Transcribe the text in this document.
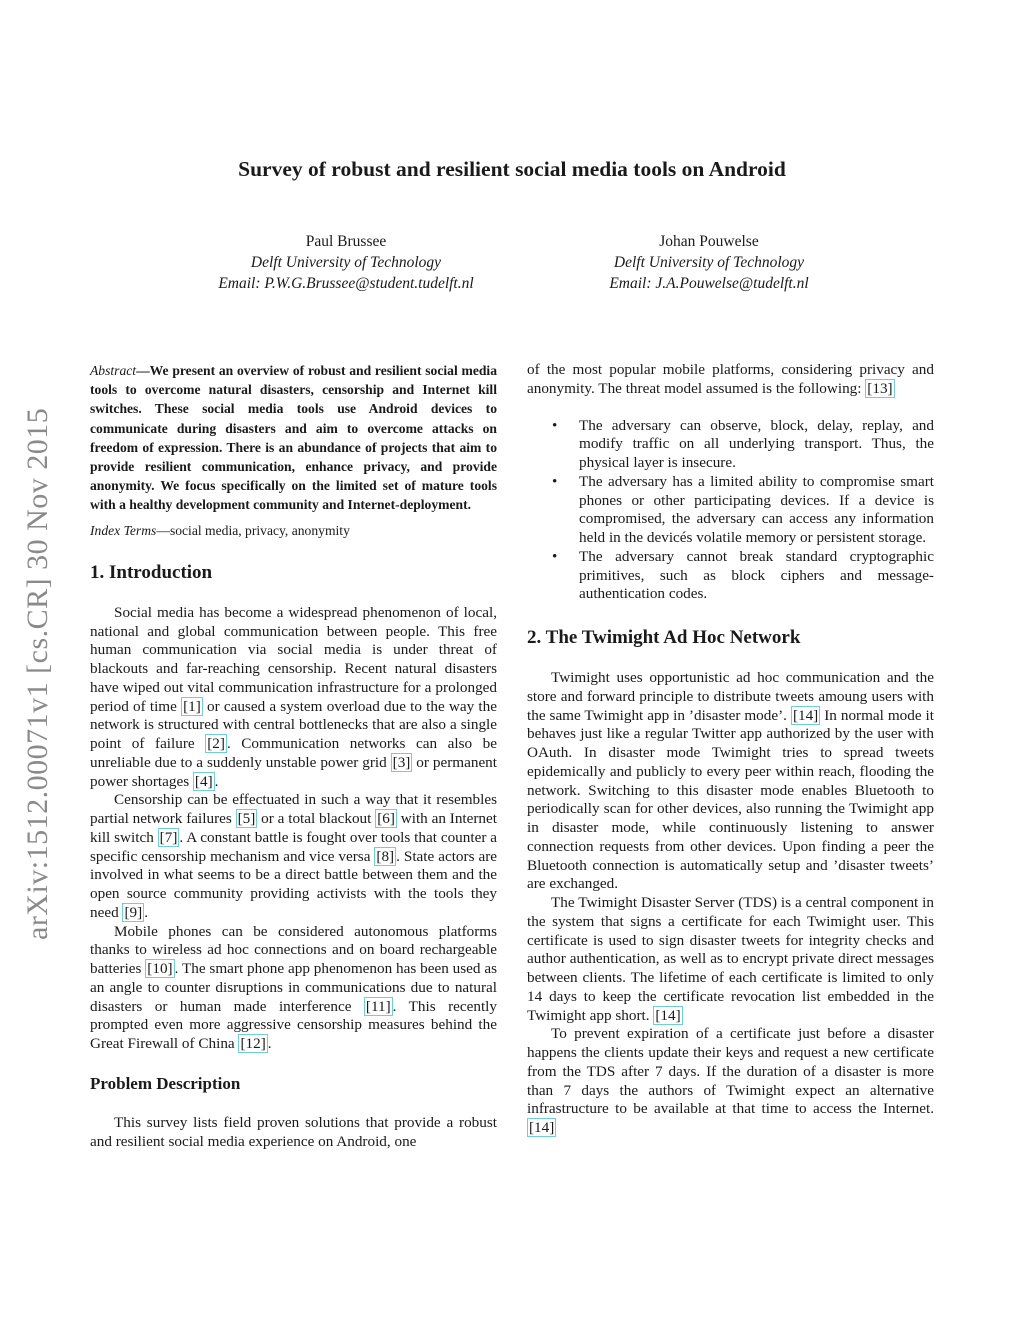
arXiv:1512.00071v1 [cs.CR] 30 Nov 2015
Survey of robust and resilient social media tools on Android
Paul Brussee
Delft University of Technology
Email: P.W.G.Brussee@student.tudelft.nl
Johan Pouwelse
Delft University of Technology
Email: J.A.Pouwelse@tudelft.nl

Abstract—We present an overview of robust and resilient social media tools to overcome natural disasters, censorship and Internet kill switches. These social media tools use Android devices to communicate during disasters and aim to overcome attacks on freedom of expression. There is an abundance of projects that aim to provide resilient communication, enhance privacy, and provide anonymity. We focus specifically on the limited set of mature tools with a healthy development community and Internet-deployment.

Index Terms—social media, privacy, anonymity

1. Introduction

Social media has become a widespread phenomenon of local, national and global communication between people. This free human communication via social media is under threat of blackouts and far-reaching censorship. Recent natural disasters have wiped out vital communication infrastructure for a prolonged period of time [1] or caused a system overload due to the way the network is structured with central bottlenecks that are also a single point of failure [2] . Communication networks can also be unreliable due to a suddenly unstable power grid [3] or permanent power shortages [4] .

Censorship can be effectuated in such a way that it resembles partial network failures [5] or a total blackout [6] with an Internet kill switch [7] . A constant battle is fought over tools that counter a specific censorship mechanism and vice versa [8] . State actors are involved in what seems to be a direct battle between them and the open source community providing activists with the tools they need [9] .

Mobile phones can be considered autonomous platforms thanks to wireless ad hoc connections and on board rechargeable batteries [10] . The smart phone app phenomenon has been used as an angle to counter disruptions in communications due to natural disasters or human made interference [11] . This recently prompted even more aggressive censorship measures behind the Great Firewall of China [12] .

Problem Description

This survey lists field proven solutions that provide a robust and resilient social media experience on Android, one

of the most popular mobile platforms, considering privacy and anonymity. The threat model assumed is the following: [13]

• The adversary can observe, block, delay, replay, and modify traffic on all underlying transport. Thus, the physical layer is insecure.
• The adversary has a limited ability to compromise smart phones or other participating devices. If a device is compromised, the adversary can access any information held in the devicés volatile memory or persistent storage.
• The adversary cannot break standard cryptographic primitives, such as block ciphers and message-authentication codes.
2. The Twimight Ad Hoc Network

Twimight uses opportunistic ad hoc communication and the store and forward principle to distribute tweets amoung users with the same Twimight app in ’disaster mode’. [14] In normal mode it behaves just like a regular Twitter app authorized by the user with OAuth. In disaster mode Twimight tries to spread tweets epidemically and publicly to every peer within reach, flooding the network. Switching to this disaster mode enables Bluetooth to periodically scan for other devices, also running the Twimight app in disaster mode, while continuously listening to answer connection requests from other devices. Upon finding a peer the Bluetooth connection is automatically setup and ’disaster tweets’ are exchanged.

The Twimight Disaster Server (TDS) is a central component in the system that signs a certificate for each Twimight user. This certificate is used to sign disaster tweets for integrity checks and author authentication, as well as to encrypt private direct messages between clients. The lifetime of each certificate is limited to only 14 days to keep the certificate revocation list embedded in the Twimight app short. [14]

To prevent expiration of a certificate just before a disaster happens the clients update their keys and request a new certificate from the TDS after 7 days. If the duration of a disaster is more than 7 days the authors of Twimight expect an alternative infrastructure to be available at that time to access the Internet. [14]
